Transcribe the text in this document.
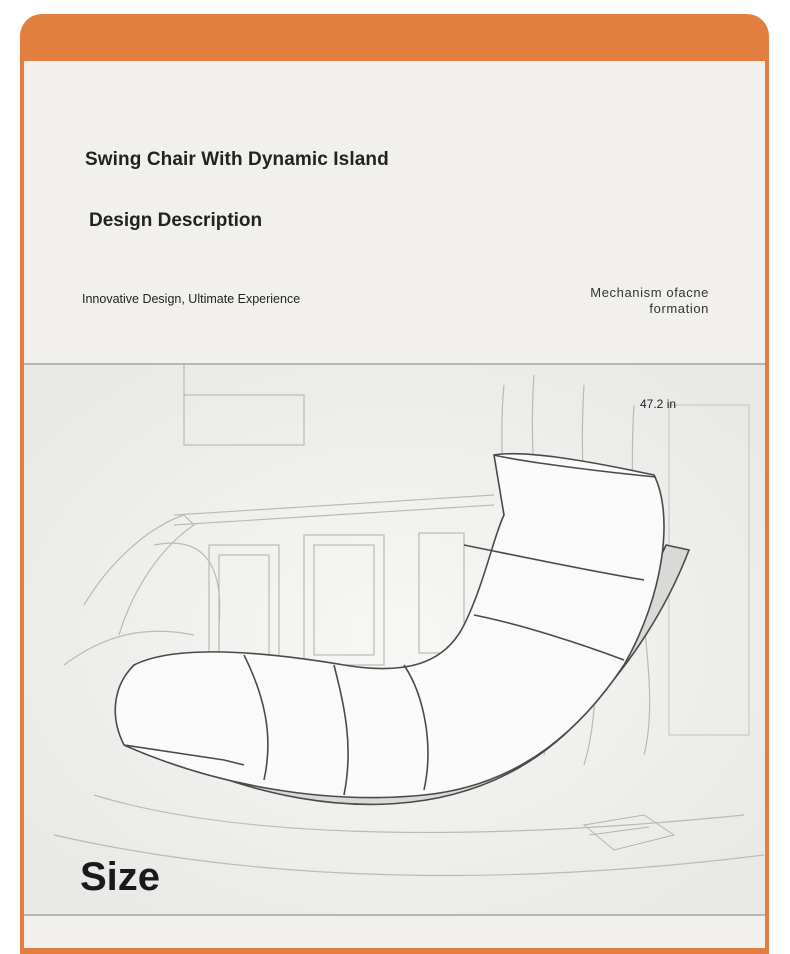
Swing Chair With Dynamic Island
Design Description
Innovative Design, Ultimate Experience	Mechanism ofacne formation
47.2 in
Size
